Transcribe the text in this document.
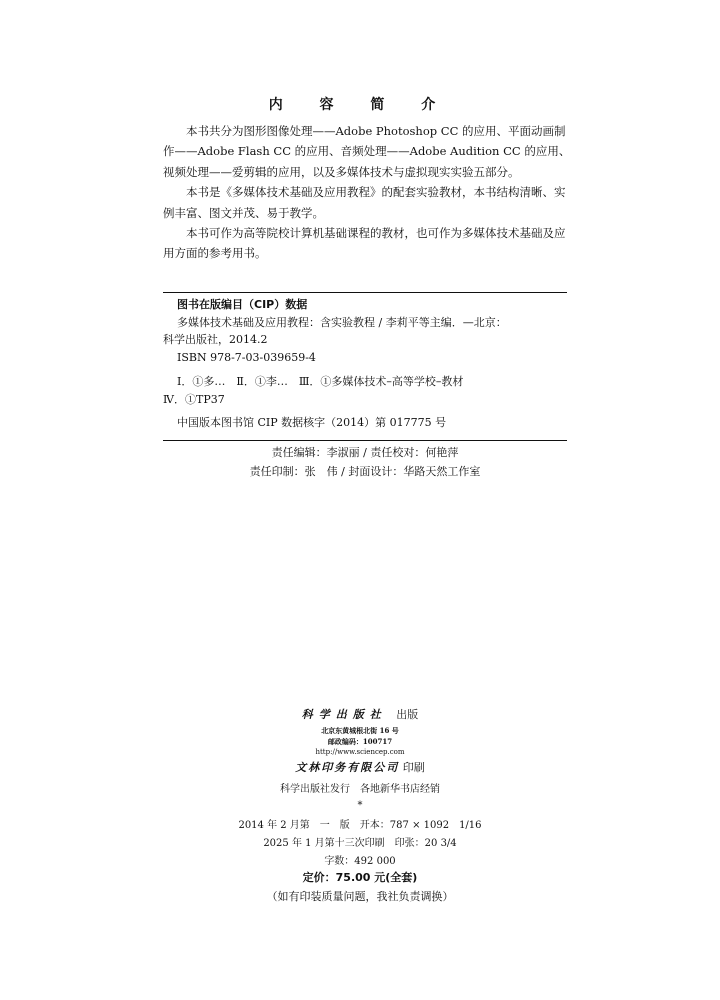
内 容 简 介

本书共分为图形图像处理——Adobe Photoshop CC 的应用、平面动画制作——Adobe Flash CC 的应用、音频处理——Adobe Audition CC 的应用、视频处理——爱剪辑的应用，以及多媒体技术与虚拟现实实验五部分。

本书是《多媒体技术基础及应用教程》的配套实验教材，本书结构清晰、实例丰富、图文并茂、易于教学。

本书可作为高等院校计算机基础课程的教材，也可作为多媒体技术基础及应用方面的参考用书。

图书在版编目（CIP）数据
多媒体技术基础及应用教程：含实验教程 / 李莉平等主编．—北京：
科学出版社，2014.2
ISBN 978-7-03-039659-4
Ⅰ．①多…　Ⅱ．①李…　Ⅲ．①多媒体技术–高等学校–教材
Ⅳ．①TP37
中国版本图书馆 CIP 数据核字（2014）第 017775 号
责任编辑：李淑丽 / 责任校对：何艳萍
责任印制：张　伟 / 封面设计：华路天然工作室
科学出版社 出版
北京东黄城根北街 16 号
邮政编码：100717
http://www.sciencep.com
文林印务有限公司 印刷
科学出版社发行　各地新华书店经销
*
2014 年 2 月第　一　版　开本：787 × 1092　1/16
2025 年 1 月第十三次印刷　印张：20 3/4
字数：492 000
定价：75.00 元(全套)
（如有印装质量问题，我社负责调换）
